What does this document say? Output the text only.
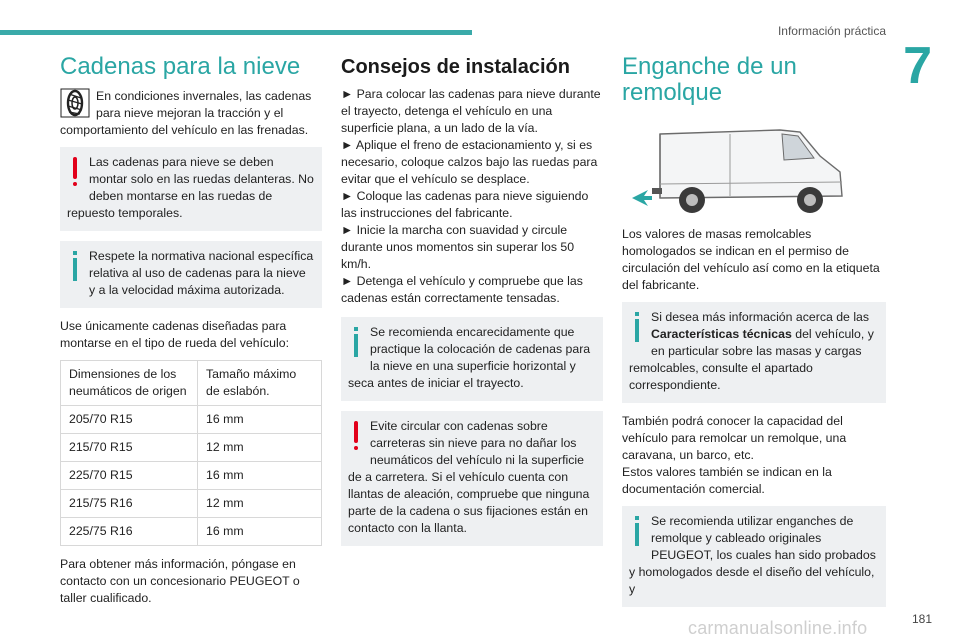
Información práctica
7
Cadenas para la nieve

En condiciones invernales, las cadenas para nieve mejoran la tracción y el comportamiento del vehículo en las frenadas.

Las cadenas para nieve se deben montar solo en las ruedas delanteras. No deben montarse en las ruedas de repuesto temporales.
Respete la normativa nacional específica relativa al uso de cadenas para la nieve y a la velocidad máxima autorizada.

Use únicamente cadenas diseñadas para montarse en el tipo de rueda del vehículo:

Dimensiones de los neumáticos de origen	Tamaño máximo de eslabón.
205/70 R15	16 mm
215/70 R15	12 mm
225/70 R15	16 mm
215/75 R16	12 mm
225/75 R16	16 mm

Para obtener más información, póngase en contacto con un concesionario PEUGEOT o taller cualificado.

Consejos de instalación

► Para colocar las cadenas para nieve durante el trayecto, detenga el vehículo en una superficie plana, a un lado de la vía.

► Aplique el freno de estacionamiento y, si es necesario, coloque calzos bajo las ruedas para evitar que el vehículo se desplace.

► Coloque las cadenas para nieve siguiendo las instrucciones del fabricante.

► Inicie la marcha con suavidad y circule durante unos momentos sin superar los 50 km/h.

► Detenga el vehículo y compruebe que las cadenas están correctamente tensadas.

Se recomienda encarecidamente que practique la colocación de cadenas para la nieve en una superficie horizontal y seca antes de iniciar el trayecto.
Evite circular con cadenas sobre carreteras sin nieve para no dañar los neumáticos del vehículo ni la superficie de a carretera. Si el vehículo cuenta con llantas de aleación, compruebe que ninguna parte de la cadena o sus fijaciones están en contacto con la llanta.
Enganche de un remolque

Los valores de masas remolcables homologados se indican en el permiso de circulación del vehículo así como en la etiqueta del fabricante.

Si desea más información acerca de las Características técnicas del vehículo, y en particular sobre las masas y cargas remolcables, consulte el apartado correspondiente.

También podrá conocer la capacidad del vehículo para remolcar un remolque, una caravana, un barco, etc.

Estos valores también se indican en la documentación comercial.

Se recomienda utilizar enganches de remolque y cableado originales PEUGEOT, los cuales han sido probados y homologados desde el diseño del vehículo, y
carmanualsonline.info	181
